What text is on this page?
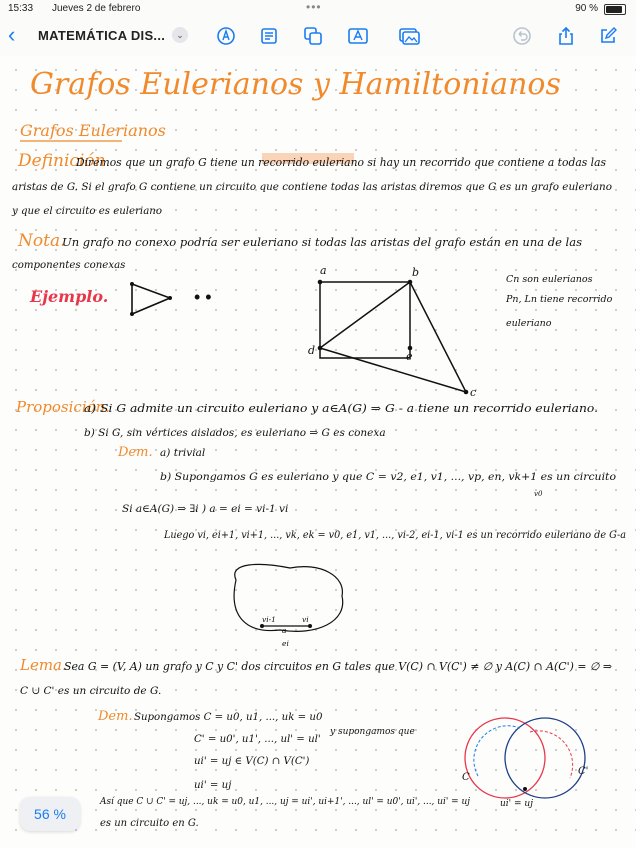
15:33 Jueves 2 de febrero	•••	90 %
‹ MATEMÁTICA DIS...	⌄
Grafos Eulerianos y Hamiltonianos
Grafos Eulerianos
Definición
Diremos que un grafo G tiene un recorrido euleriano si hay un recorrido que contiene a todas las
aristas de G. Si el grafo G contiene un circuito que contiene todas las aristas diremos que G es un grafo euleriano
y que el circuito es euleriano
Nota.
Un grafo no conexo podría ser euleriano si todas las aristas del grafo están en una de las
componentes conexas
Ejemplo.	• •
a	b
d	e
c
Cn son eulerianos
Pn, Ln tiene recorrido
euleriano
Proposición.
a) Si G admite un circuito euleriano y a∈A(G) ⇒ G - a tiene un recorrido euleriano.
b) Si G, sin vértices aislados, es euleriano ⇒ G es conexa
Dem. a) trivial
b) Supongamos G es euleriano y que C = v2, e1, v1, ..., vp, en, vk+1 es un circuito
v0
Si a∈A(G) ⇒ ∃i ) a = ei = vi-1 vi
Luego vi, ei+1, vi+1, ..., vk, ek = v0, e1, v1, ..., vi-2, ei-1, vi-1 es un recorrido euleriano de G-a
vi-1	vi
a
ei
Lema.
Sea G = (V, A) un grafo y C y C' dos circuitos en G tales que V(C) ∩ V(C') ≠ ∅ y A(C) ∩ A(C') = ∅ ⇒
C ∪ C' es un circuito de G.
Dem. Supongamos C = u0, u1, ..., uk = u0
C' = u0', u1', ..., ul' = ul'
ui' = uj ∈ V(C) ∩ V(C')
ui' = uj
y supongamos que
Así que C ∪ C' = uj, ..., uk = u0, u1, ..., uj = ui', ui+1', ..., ul' = u0', ui', ..., ui' = uj
es un circuito en G.
C
C'
ui' = uj
56 %
